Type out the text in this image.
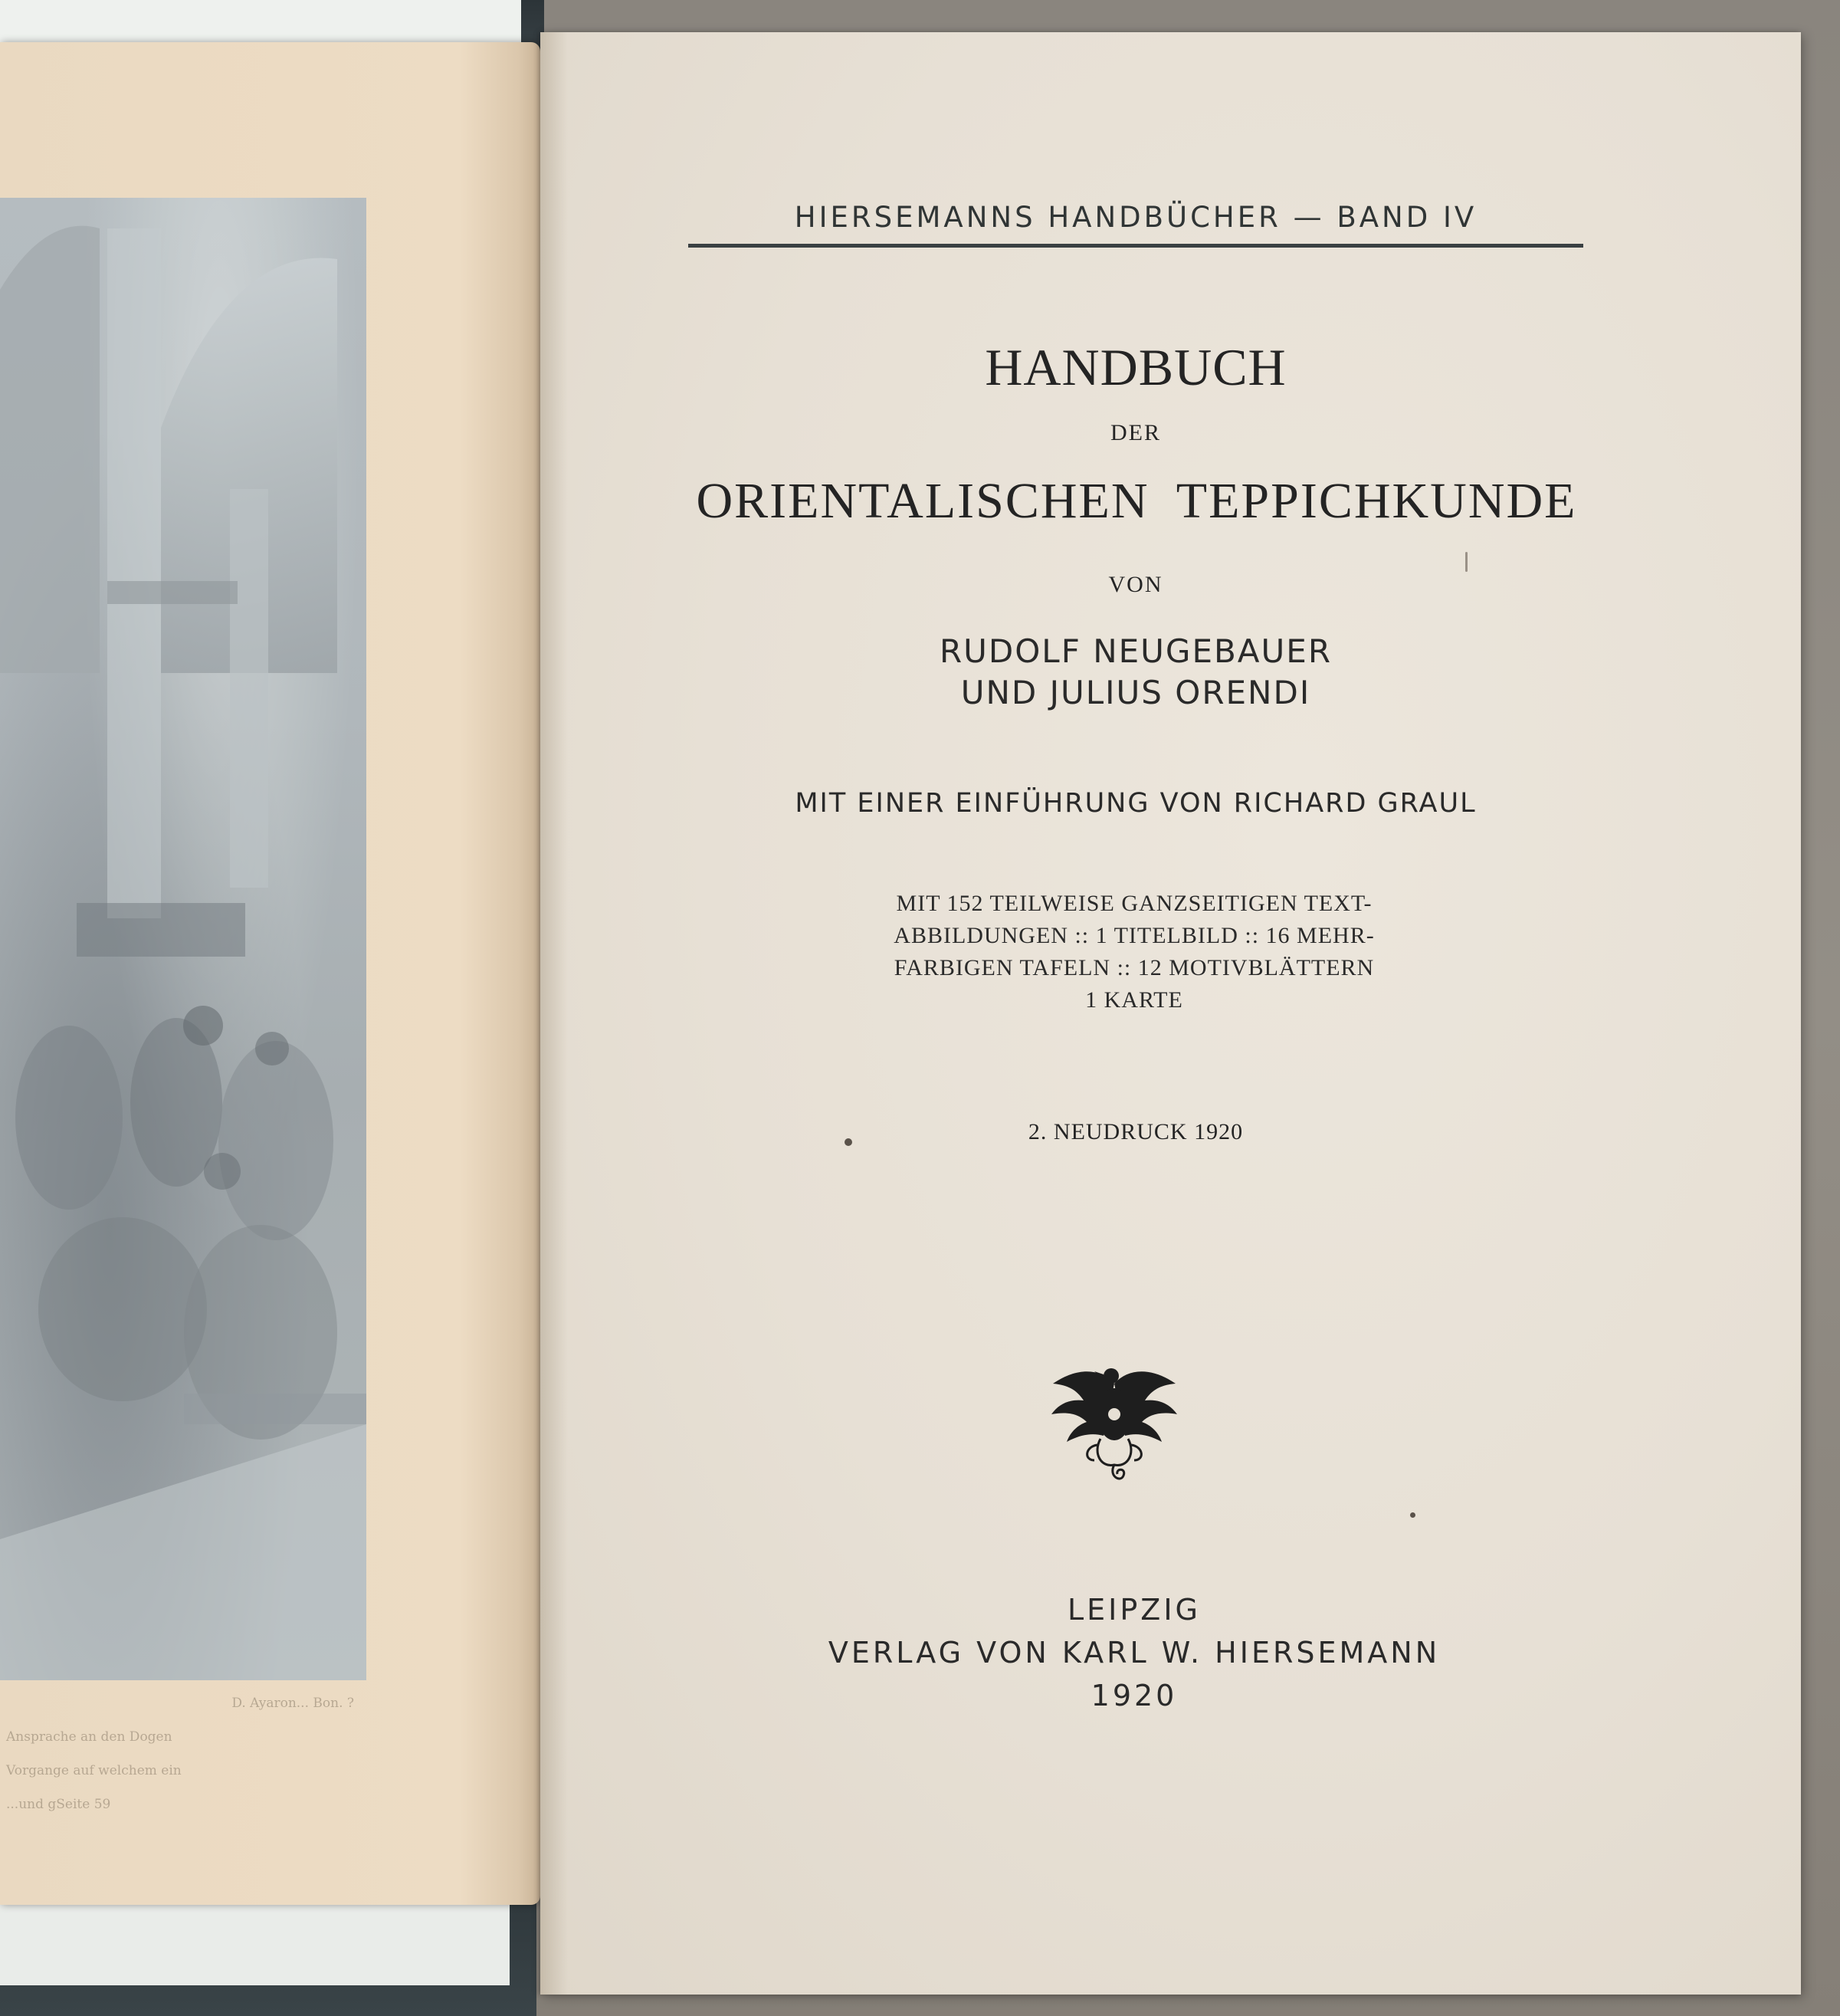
D. Ayaron... Bon. ?
Ansprache an den Dogen
Vorgange auf welchem ein
...und gSeite 59
HIERSEMANNS HANDBÜCHER — BAND IV
HANDBUCH
DER
ORIENTALISCHEN TEPPICHKUNDE
VON
RUDOLF NEUGEBAUER
UND JULIUS ORENDI
MIT EINER EINFÜHRUNG VON RICHARD GRAUL
MIT 152 TEILWEISE GANZSEITIGEN TEXT-
ABBILDUNGEN :: 1 TITELBILD :: 16 MEHR-
FARBIGEN TAFELN :: 12 MOTIVBLÄTTERN
1 KARTE
2. NEUDRUCK 1920
LEIPZIG
VERLAG VON KARL W. HIERSEMANN
1920
